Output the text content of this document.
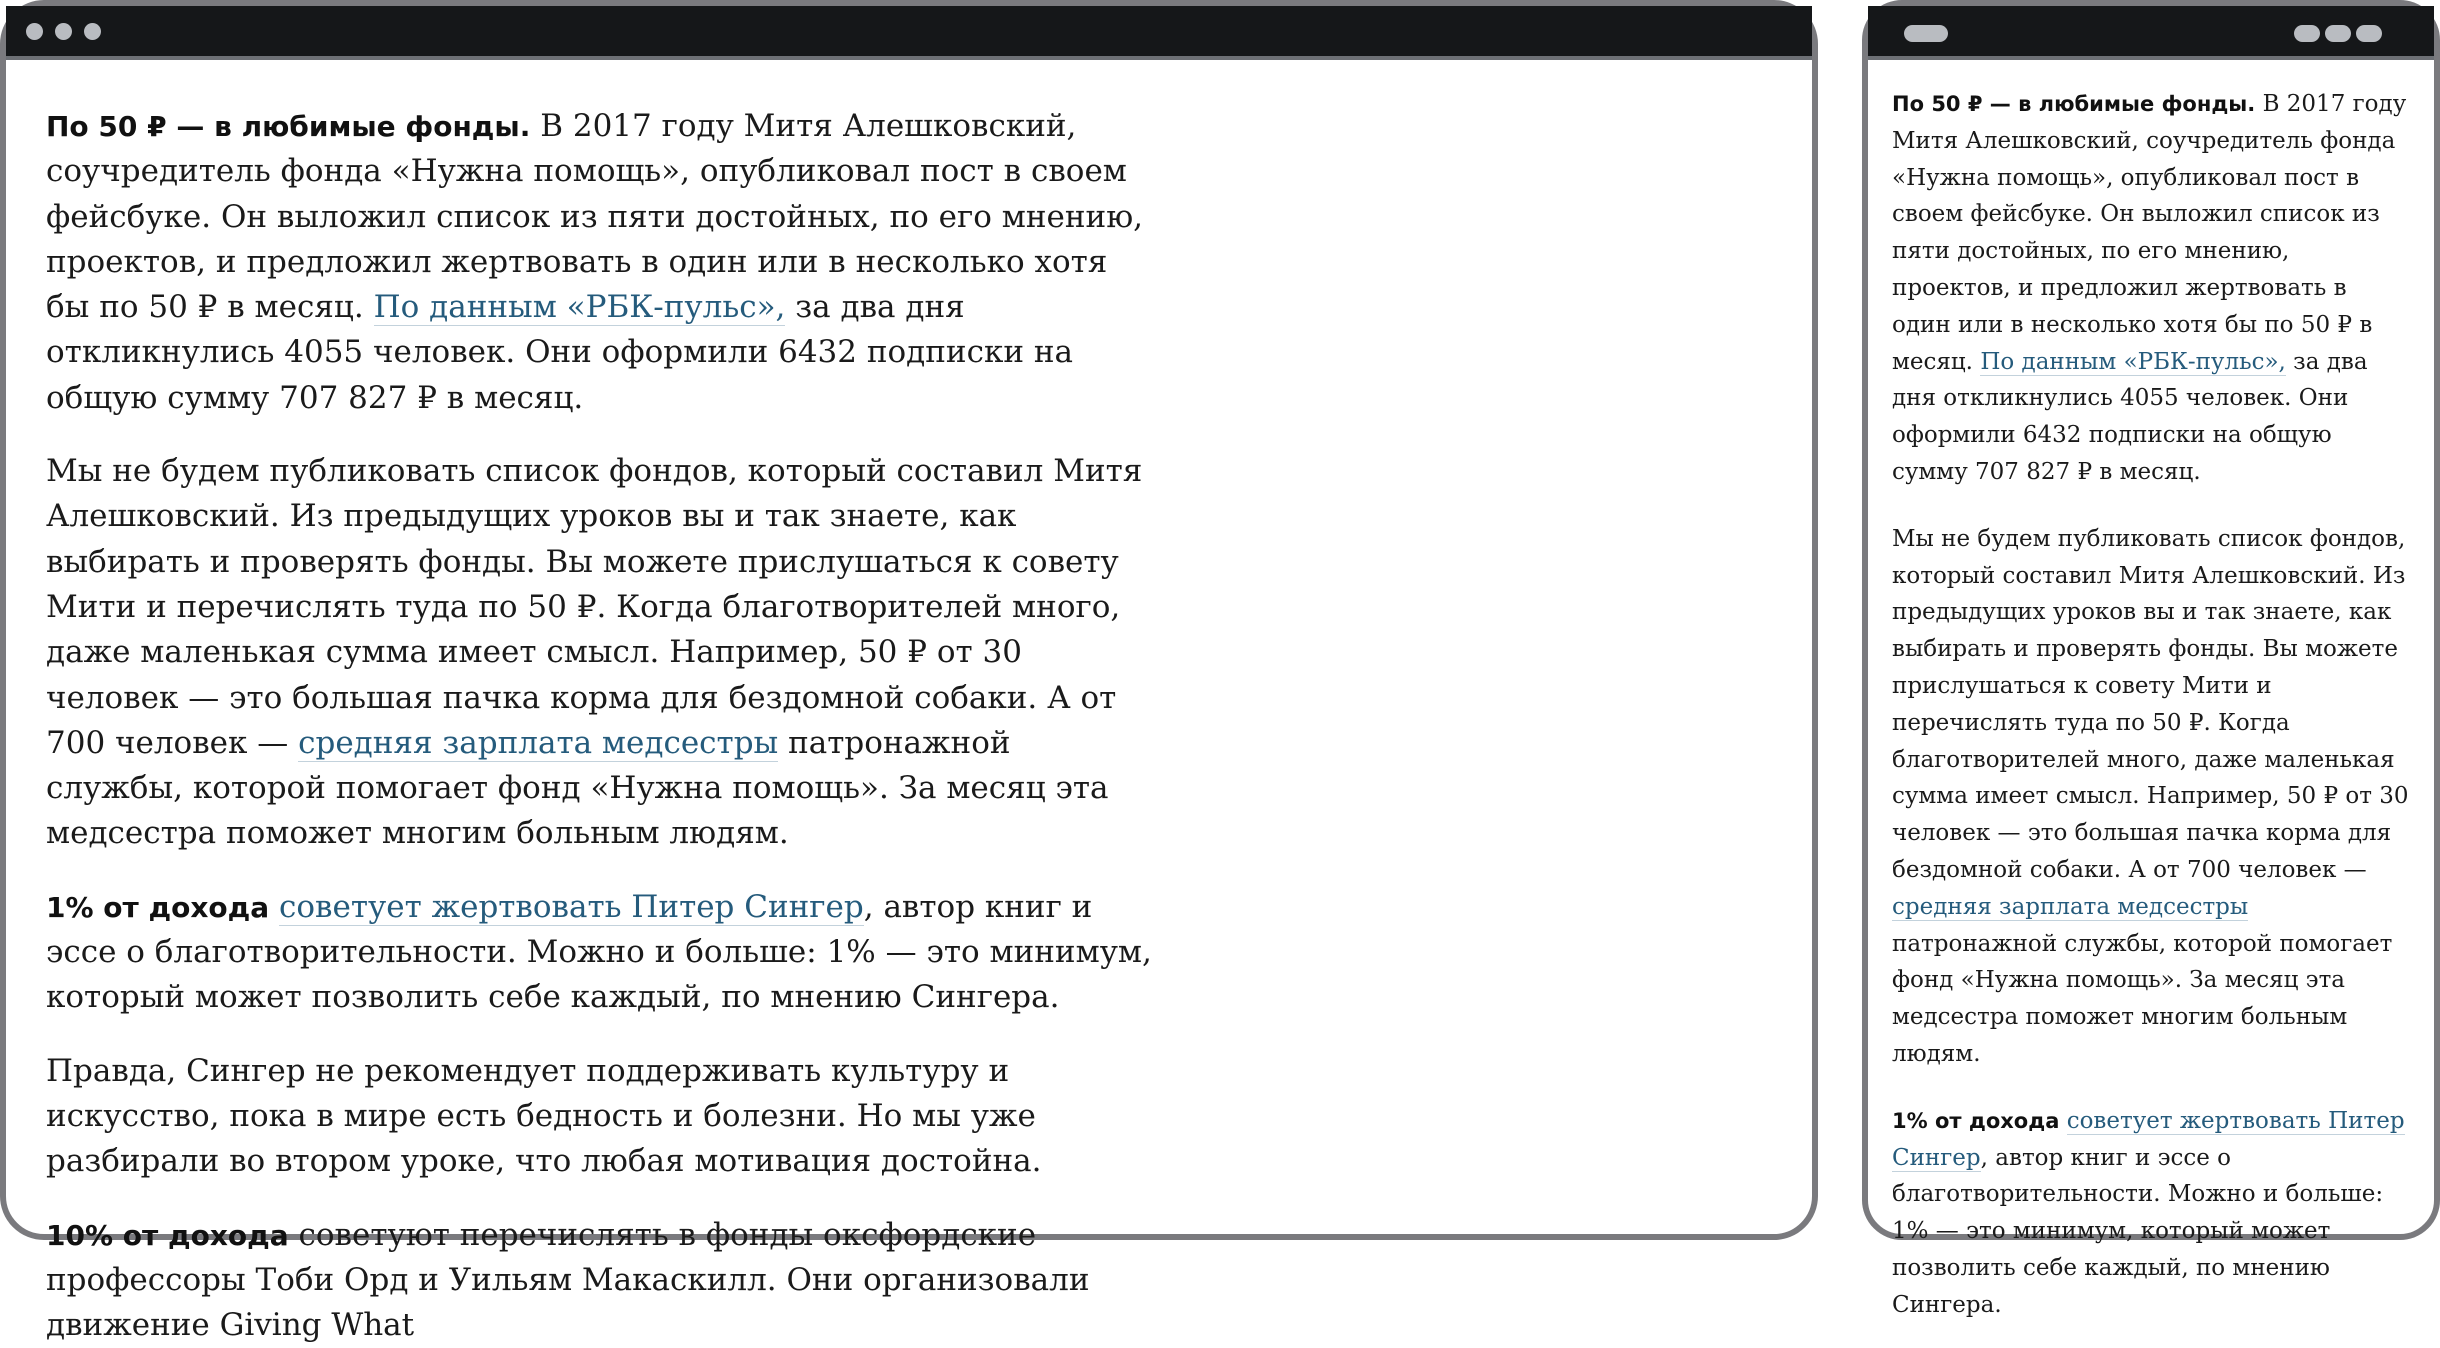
По 50 ₽ — в любимые фонды. В 2017 году Митя Алешковский, соучредитель фонда «Нужна помощь», опубликовал пост в своем фейсбуке. Он выложил список из пяти достойных, по его мнению, проектов, и предложил жертвовать в один или в несколько хотя бы по 50 ₽ в месяц. По данным «РБК-пульс», за два дня откликнулись 4055 человек. Они оформили 6432 подписки на общую сумму 707 827 ₽ в месяц.

Мы не будем публиковать список фондов, который составил Митя Алешковский. Из предыдущих уроков вы и так знаете, как выбирать и проверять фонды. Вы можете прислушаться к совету Мити и перечислять туда по 50 ₽. Когда благотворителей много, даже маленькая сумма имеет смысл. Например, 50 ₽ от 30 человек — это большая пачка корма для бездомной собаки. А от 700 человек — средняя зарплата медсестры патронажной службы, которой помогает фонд «Нужна помощь». За месяц эта медсестра поможет многим больным людям.

1% от дохода советует жертвовать Питер Сингер, автор книг и эссе о благотворительности. Можно и больше: 1% — это минимум, который может позволить себе каждый, по мнению Сингера.

Правда, Сингер не рекомендует поддерживать культуру и искусство, пока в мире есть бедность и болезни. Но мы уже разбирали во втором уроке, что любая мотивация достойна.

10% от дохода советуют перечислять в фонды оксфордские профессоры Тоби Орд и Уильям Макаскилл. Они организовали движение Giving What

По 50 ₽ — в любимые фонды. В 2017 году Митя Алешковский, соучредитель фонда «Нужна помощь», опубликовал пост в своем фейсбуке. Он выложил список из пяти достойных, по его мнению, проектов, и предложил жертвовать в один или в несколько хотя бы по 50 ₽ в месяц. По данным «РБК-пульс», за два дня откликнулись 4055 человек. Они оформили 6432 подписки на общую сумму 707 827 ₽ в месяц.

Мы не будем публиковать список фондов, который составил Митя Алешковский. Из предыдущих уроков вы и так знаете, как выбирать и проверять фонды. Вы можете прислушаться к совету Мити и перечислять туда по 50 ₽. Когда благотворителей много, даже маленькая сумма имеет смысл. Например, 50 ₽ от 30 человек — это большая пачка корма для бездомной собаки. А от 700 человек — средняя зарплата медсестры патронажной службы, которой помогает фонд «Нужна помощь». За месяц эта медсестра поможет многим больным людям.

1% от дохода советует жертвовать Питер Сингер, автор книг и эссе о благотворительности. Можно и больше: 1% — это минимум, который может позволить себе каждый, по мнению Сингера.
